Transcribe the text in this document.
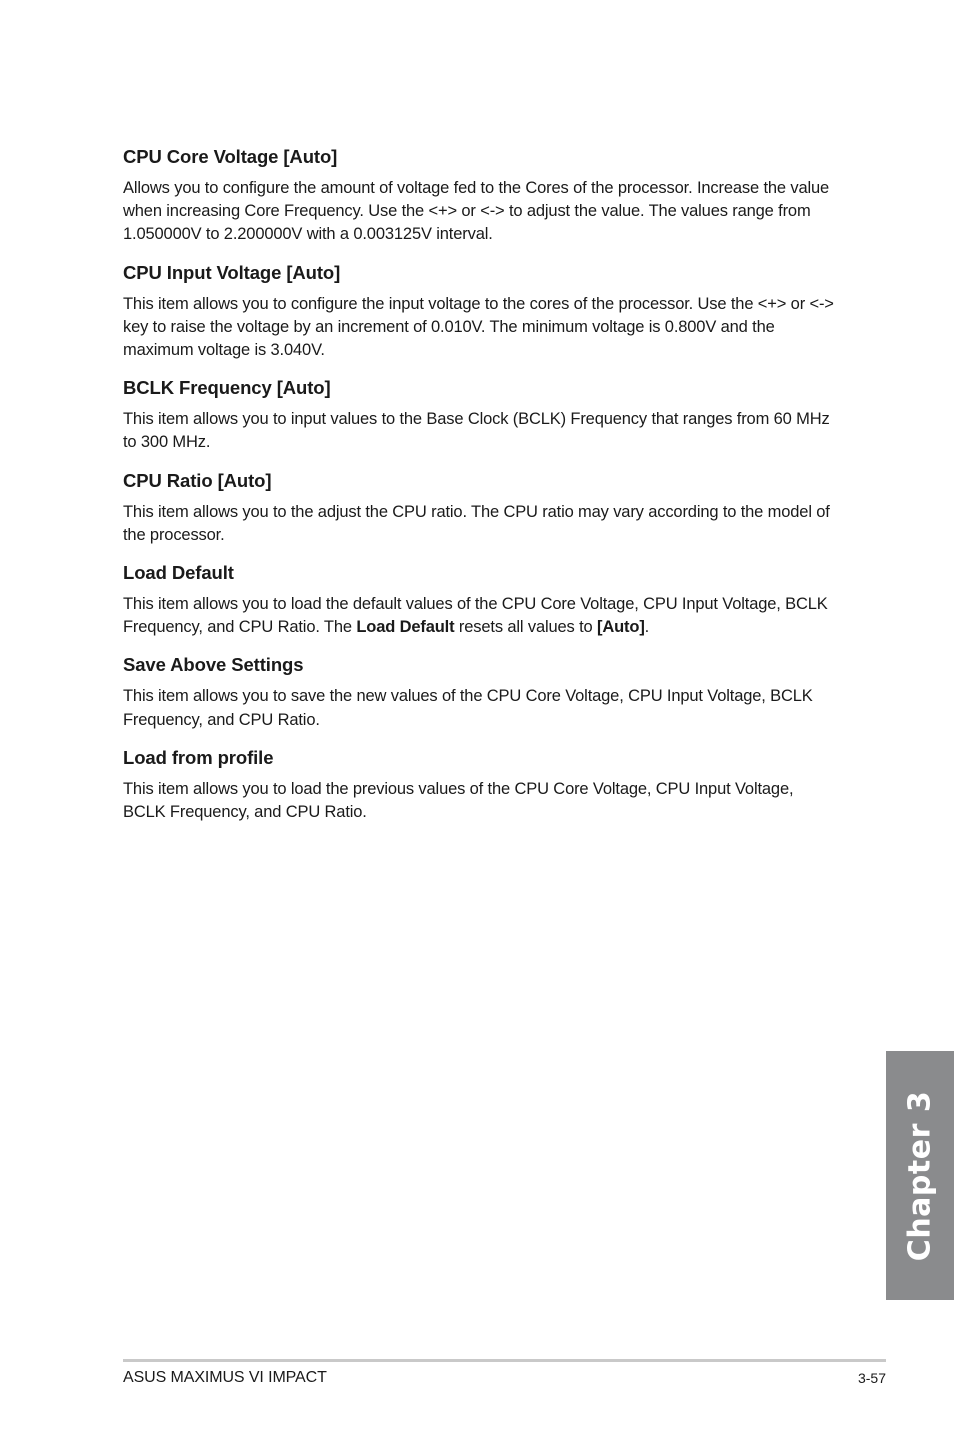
CPU Core Voltage [Auto]

Allows you to configure the amount of voltage fed to the Cores of the processor. Increase the value when increasing Core Frequency. Use the <+> or <-> to adjust the value. The values range from 1.050000V to 2.200000V with a 0.003125V interval.

CPU Input Voltage [Auto]

This item allows you to configure the input voltage to the cores of the processor. Use the <+> or <-> key to raise the voltage by an increment of 0.010V. The minimum voltage is 0.800V and the maximum voltage is 3.040V.

BCLK Frequency [Auto]

This item allows you to input values to the Base Clock (BCLK) Frequency that ranges from 60 MHz to 300 MHz.

CPU Ratio [Auto]

This item allows you to the adjust the CPU ratio. The CPU ratio may vary according to the model of the processor.

Load Default

This item allows you to load the default values of the CPU Core Voltage, CPU Input Voltage, BCLK Frequency, and CPU Ratio. The Load Default resets all values to [Auto].

Save Above Settings

This item allows you to save the new values of the CPU Core Voltage, CPU Input Voltage, BCLK Frequency, and CPU Ratio.

Load from profile

This item allows you to load the previous values of the CPU Core Voltage, CPU Input Voltage, BCLK Frequency, and CPU Ratio.

Chapter 3
ASUS MAXIMUS VI IMPACT	3-57
